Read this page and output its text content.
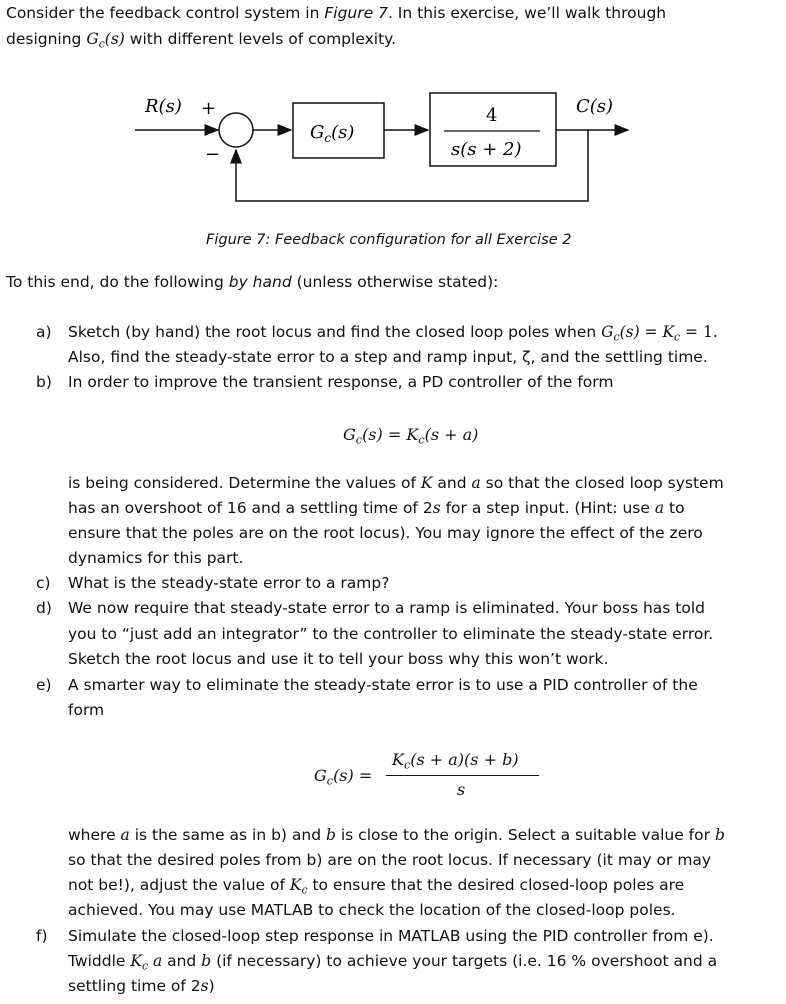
Consider the feedback control system in Figure 7. In this exercise, we’ll walk through
designing $G_c(s)$ with different levels of complexity.
R(s) +
−
$G_c(s)$
4
s(s + 2)
C(s)
Figure 7: Feedback configuration for all Exercise 2
To this end, do the following by hand (unless otherwise stated):
a) Sketch (by hand) the root locus and find the closed loop poles when $G_c(s) = K_c = 1$.
Also, find the steady-state error to a step and ramp input, ζ, and the settling time.
b) In order to improve the transient response, a PD controller of the form
$G_c(s) = K_c(s + a)$
is being considered. Determine the values of K and a so that the closed loop system
has an overshoot of 16 and a settling time of 2s for a step input. (Hint: use a to
ensure that the poles are on the root locus). You may ignore the effect of the zero
dynamics for this part.
c) What is the steady-state error to a ramp?
d) We now require that steady-state error to a ramp is eliminated. Your boss has told
you to “just add an integrator” to the controller to eliminate the steady-state error.
Sketch the root locus and use it to tell your boss why this won’t work.
e) A smarter way to eliminate the steady-state error is to use a PID controller of the
form
$G_c(s)$ =
$K_c(s + a)(s + b)$
s
where a is the same as in b) and b is close to the origin. Select a suitable value for b
so that the desired poles from b) are on the root locus. If necessary (it may or may
not be!), adjust the value of $K_c$ to ensure that the desired closed-loop poles are
achieved. You may use MATLAB to check the location of the closed-loop poles.
f) Simulate the closed-loop step response in MATLAB using the PID controller from e).
Twiddle $K_c$ a and b (if necessary) to achieve your targets (i.e. 16 % overshoot and a
settling time of 2s)
